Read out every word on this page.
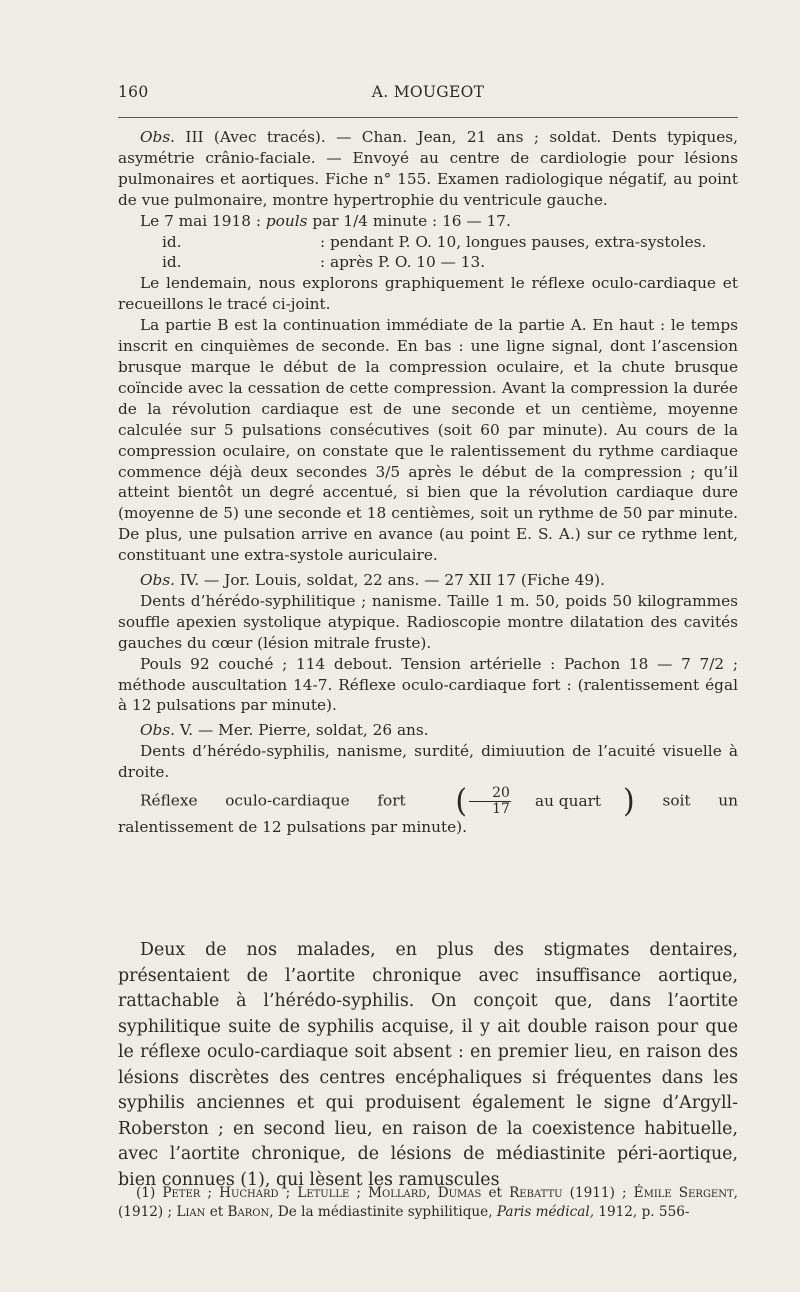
160	A. MOUGEOT

Obs. III (Avec tracés). — Chan. Jean, 21 ans ; soldat. Dents typiques, asymétrie crânio-faciale. — Envoyé au centre de cardiologie pour lésions pulmonaires et aortiques. Fiche n° 155. Examen radiologique négatif, au point de vue pulmonaire, montre hypertrophie du ventricule gauche.

Le 7 mai 1918 : pouls par 1/4 minute : 16 — 17.

id.	: pendant P. O. 10, longues pauses, extra-systoles.
id.	: après P. O. 10 — 13.

Le lendemain, nous explorons graphiquement le réflexe oculo-cardiaque et recueillons le tracé ci-joint.

La partie B est la continuation immédiate de la partie A. En haut : le temps inscrit en cinquièmes de seconde. En bas : une ligne signal, dont l’ascension brusque marque le début de la compression oculaire, et la chute brusque coïncide avec la cessation de cette compression. Avant la compression la durée de la révolution cardiaque est de une seconde et un centième, moyenne calculée sur 5 pulsations consécutives (soit 60 par minute). Au cours de la compression oculaire, on constate que le ralentissement du rythme cardiaque commence déjà deux secondes 3/5 après le début de la compression ; qu’il atteint bientôt un degré accentué, si bien que la révolution cardiaque dure (moyenne de 5) une seconde et 18 centièmes, soit un rythme de 50 par minute. De plus, une pulsation arrive en avance (au point E. S. A.) sur ce rythme lent, constituant une extra-systole auriculaire.

Obs. IV. — Jor. Louis, soldat, 22 ans. — 27 XII 17 (Fiche 49).

Dents d’hérédo-syphilitique ; nanisme. Taille 1 m. 50, poids 50 kilogrammes souffle apexien systolique atypique. Radioscopie montre dilatation des cavités gauches du cœur (lésion mitrale fruste).

Pouls 92 couché ; 114 debout. Tension artérielle : Pachon 18 — 7 7/2 ; méthode auscultation 14-7. Réflexe oculo-cardiaque fort : (ralentissement égal à 12 pulsations par minute).

Obs. V. — Mer. Pierre, soldat, 26 ans.

Dents d’hérédo-syphilis, nanisme, surdité, dimiuution de l’acuité visuelle à droite.

Réflexe oculo-cardiaque fort	( $\frac{20}{17}$	au quart ) soit un ralentissement de 12 pulsations par minute).

Deux de nos malades, en plus des stigmates dentaires, présentaient de l’aortite chronique avec insuffisance aortique, rattachable à l’hérédo-syphilis. On conçoit que, dans l’aortite syphilitique suite de syphilis acquise, il y ait double raison pour que le réflexe oculo-cardiaque soit absent : en premier lieu, en raison des lésions discrètes des centres encéphaliques si fréquentes dans les syphilis anciennes et qui produisent également le signe d’Argyll-Roberston ; en second lieu, en raison de la coexistence habituelle, avec l’aortite chronique, de lésions de médiastinite péri-aortique, bien connues (1), qui lèsent les ramuscules

(1) Peter ; Huchard ; Letulle ; Mollard, Dumas et Rebattu (1911) ; Émile Sergent, (1912) ; Lian et Baron, De la médiastinite syphilitique, Paris médical, 1912, p. 556-
